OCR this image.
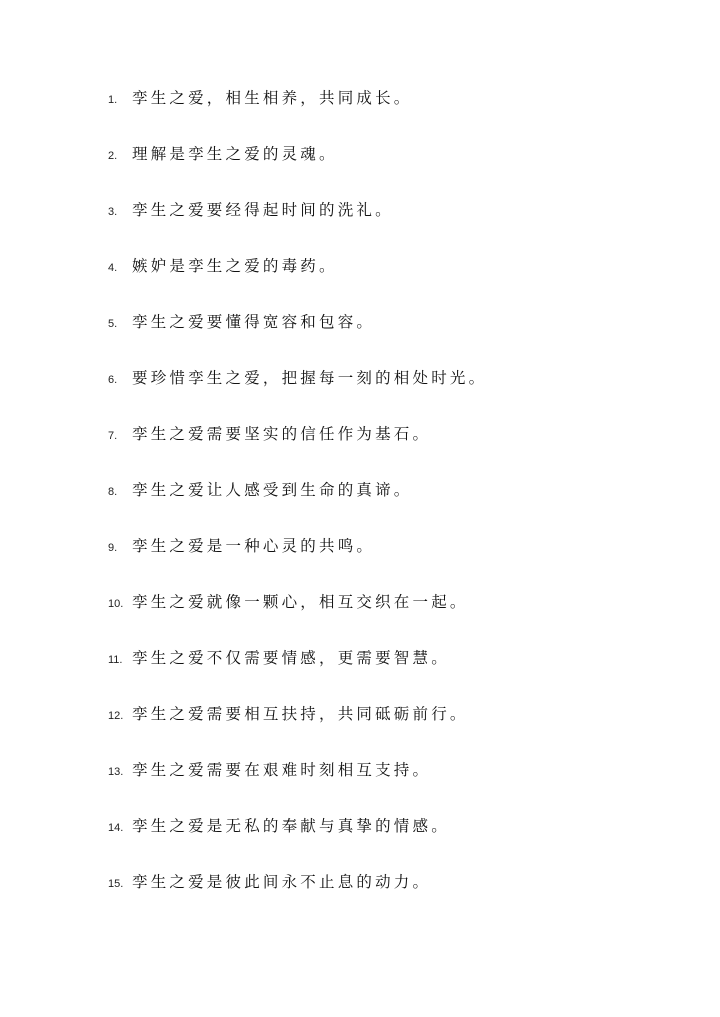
1. 孪生之爱，相生相养，共同成长。
2. 理解是孪生之爱的灵魂。
3. 孪生之爱要经得起时间的洗礼。
4. 嫉妒是孪生之爱的毒药。
5. 孪生之爱要懂得宽容和包容。
6. 要珍惜孪生之爱，把握每一刻的相处时光。
7. 孪生之爱需要坚实的信任作为基石。
8. 孪生之爱让人感受到生命的真谛。
9. 孪生之爱是一种心灵的共鸣。
10. 孪生之爱就像一颗心，相互交织在一起。
11. 孪生之爱不仅需要情感，更需要智慧。
12. 孪生之爱需要相互扶持，共同砥砺前行。
13. 孪生之爱需要在艰难时刻相互支持。
14. 孪生之爱是无私的奉献与真挚的情感。
15. 孪生之爱是彼此间永不止息的动力。
